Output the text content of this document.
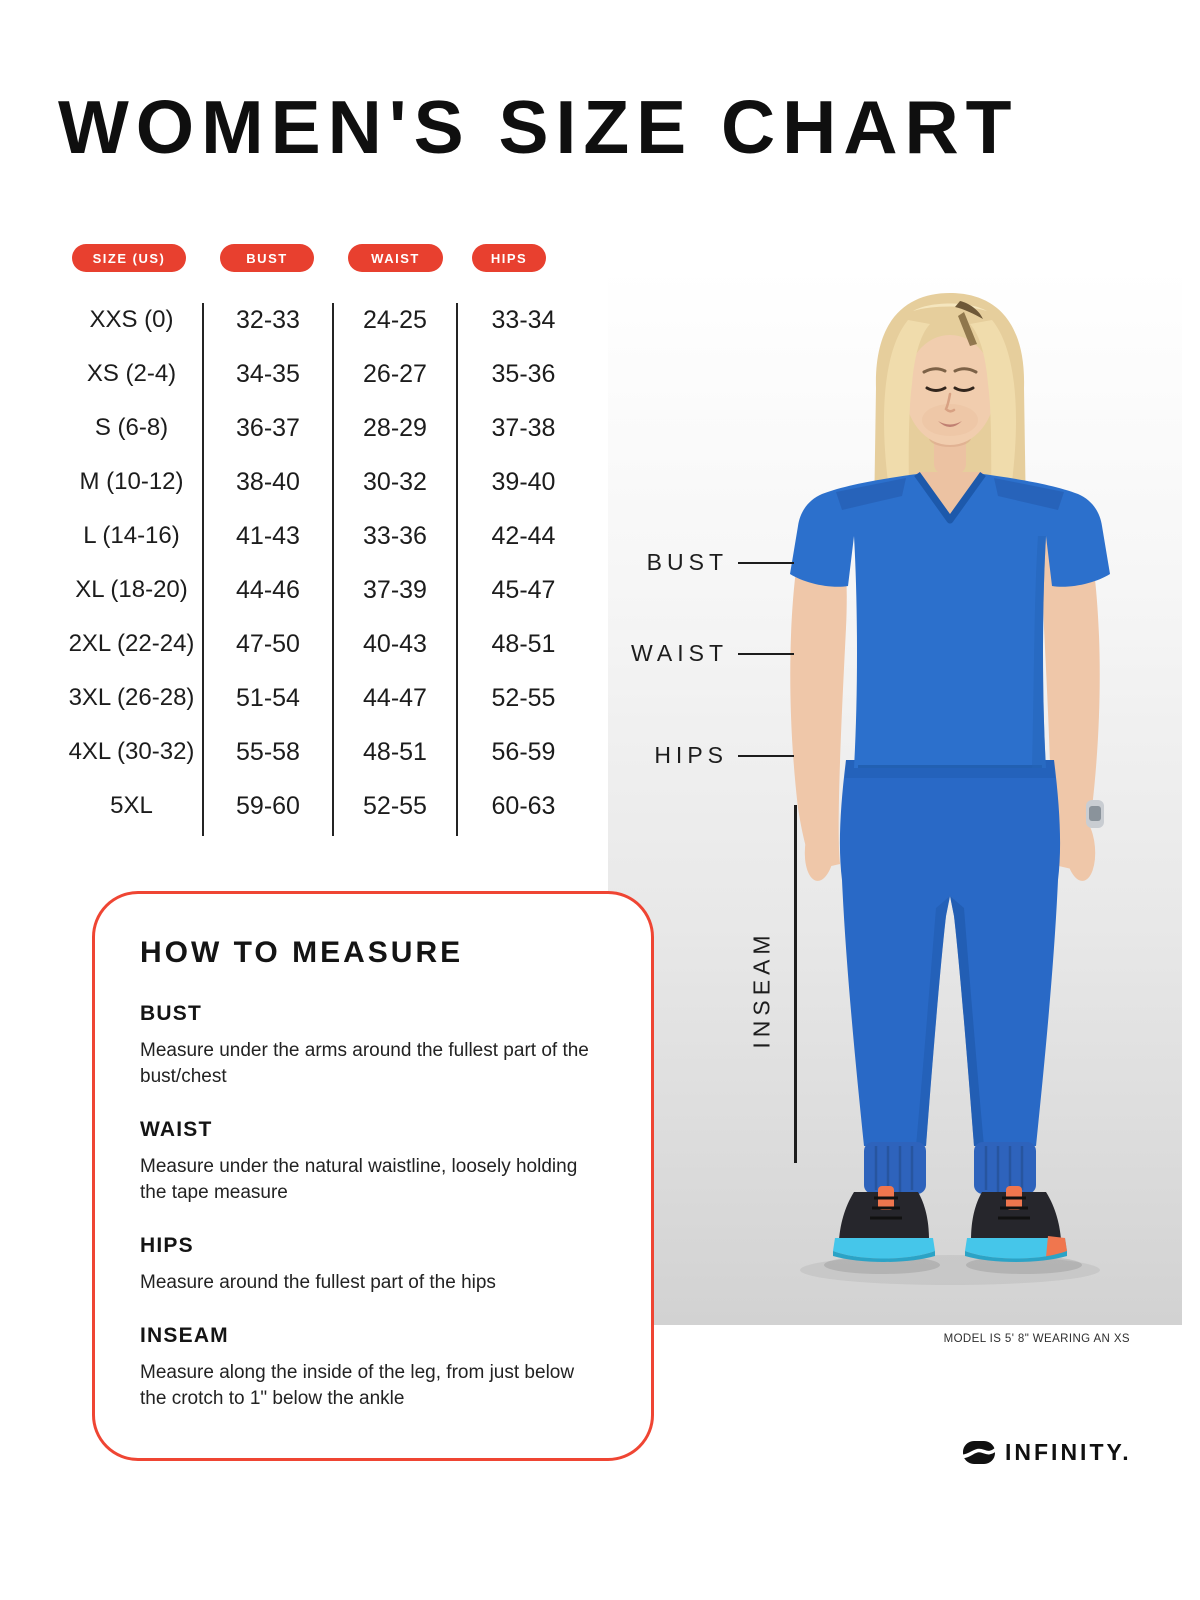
WOMEN'S SIZE CHART
SIZE (US)	BUST	WAIST	HIPS
XXS (0)	32-33	24-25	33-34
XS (2-4)	34-35	26-27	35-36
S (6-8)	36-37	28-29	37-38
M (10-12)	38-40	30-32	39-40
L (14-16)	41-43	33-36	42-44
XL (18-20)	44-46	37-39	45-47
2XL (22-24)	47-50	40-43	48-51
3XL (26-28)	51-54	44-47	52-55
4XL (30-32)	55-58	48-51	56-59
5XL	59-60	52-55	60-63
BUST
WAIST
HIPS
INSEAM
MODEL IS 5' 8" WEARING AN XS
HOW TO MEASURE
BUST

Measure under the arms around the fullest part of the bust/chest

WAIST

Measure under the natural waistline, loosely holding the tape measure

HIPS

Measure around the fullest part of the hips

INSEAM

Measure along the inside of the leg, from just below the crotch to 1" below the ankle

INFINITY.
